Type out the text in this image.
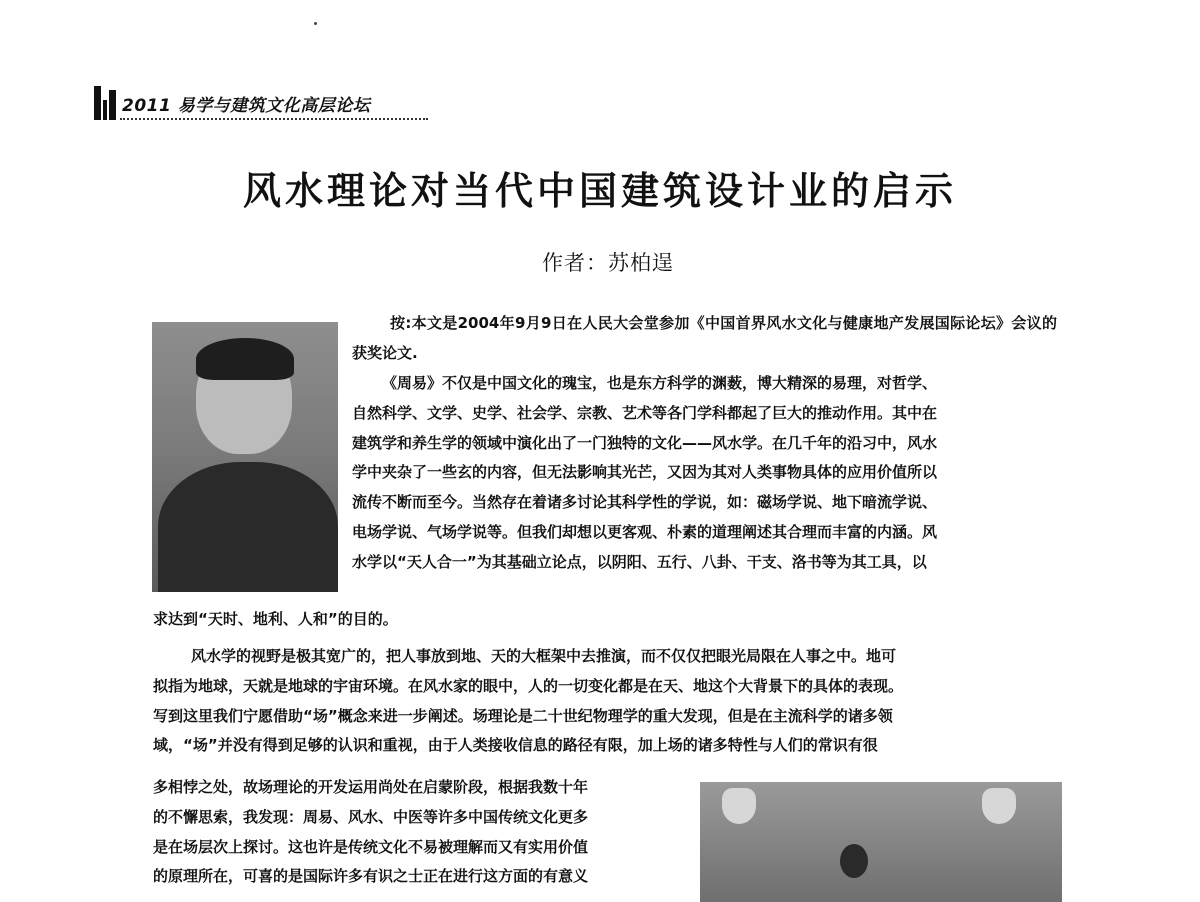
2011 易学与建筑文化高层论坛
风水理论对当代中国建筑设计业的启示
作者：苏柏逞
按:本文是2004年9月9日在人民大会堂参加《中国首界风水文化与健康地产发展国际论坛》会议的获奖论文.
《周易》不仅是中国文化的瑰宝，也是东方科学的渊薮，博大精深的易理，对哲学、
自然科学、文学、史学、社会学、宗教、艺术等各门学科都起了巨大的推动作用。其中在
建筑学和养生学的领域中演化出了一门独特的文化——风水学。在几千年的沿习中，风水
学中夹杂了一些玄的内容，但无法影响其光芒，又因为其对人类事物具体的应用价值所以
流传不断而至今。当然存在着诸多讨论其科学性的学说，如：磁场学说、地下暗流学说、
电场学说、气场学说等。但我们却想以更客观、朴素的道理阐述其合理而丰富的内涵。风
水学以“天人合一”为其基础立论点，以阴阳、五行、八卦、干支、洛书等为其工具，以
求达到“天时、地利、人和”的目的。
风水学的视野是极其宽广的，把人事放到地、天的大框架中去推演，而不仅仅把眼光局限在人事之中。地可
拟指为地球，天就是地球的宇宙环境。在风水家的眼中，人的一切变化都是在天、地这个大背景下的具体的表现。
写到这里我们宁愿借助“场”概念来进一步阐述。场理论是二十世纪物理学的重大发现，但是在主流科学的诸多领
域，“场”并没有得到足够的认识和重视，由于人类接收信息的路径有限，加上场的诸多特性与人们的常识有很
多相悖之处，故场理论的开发运用尚处在启蒙阶段，根据我数十年
的不懈思索，我发现：周易、风水、中医等许多中国传统文化更多
是在场层次上探讨。这也许是传统文化不易被理解而又有实用价值
的原理所在，可喜的是国际许多有识之士正在进行这方面的有意义
